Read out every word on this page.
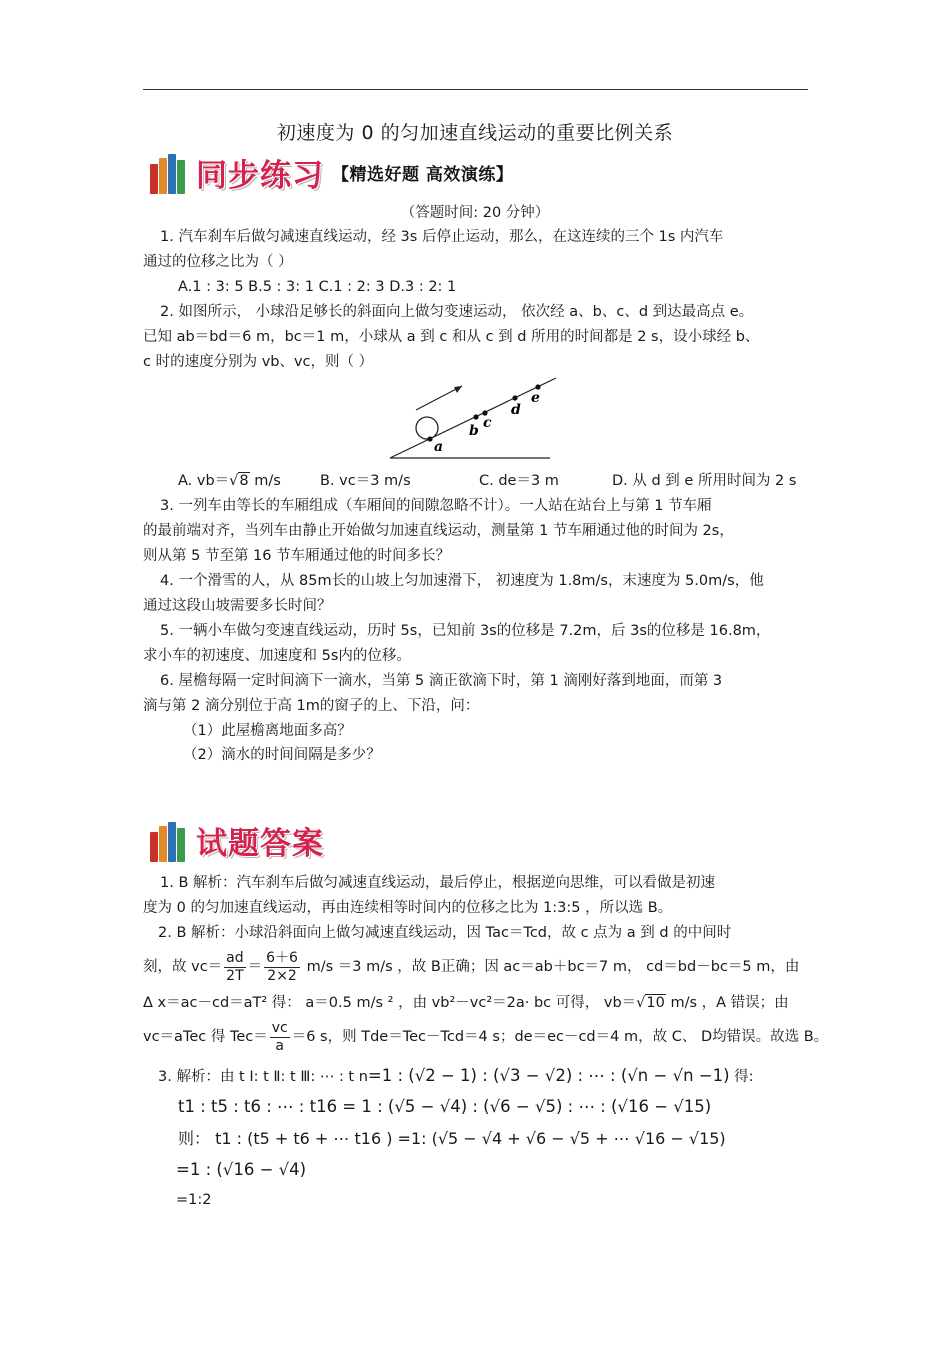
初速度为 0 的匀加速直线运动的重要比例关系
同步练习 【精选好题 高效演练】
（答题时间: 20 分钟）
1. 汽车刹车后做匀减速直线运动，经 3s 后停止运动，那么，在这连续的三个 1s 内汽车
通过的位移之比为（ ）
A.1 : 3: 5 B.5 : 3: 1 C.1 : 2: 3 D.3 : 2: 1
2. 如图所示， 小球沿足够长的斜面向上做匀变速运动， 依次经 a、b、c、d 到达最高点 e。
已知 ab＝bd＝6 m，bc＝1 m，小球从 a 到 c 和从 c 到 d 所用的时间都是 2 s，设小球经 b、
c 时的速度分别为 vb、vc，则（ ）
a
b c
d
e
A. vb＝√8 m/s	B. vc＝3 m/s	C. de＝3 m	D. 从 d 到 e 所用时间为 2 s
3. 一列车由等长的车厢组成（车厢间的间隙忽略不计）。一人站在站台上与第 1 节车厢
的最前端对齐，当列车由静止开始做匀加速直线运动，测量第 1 节车厢通过他的时间为 2s，
则从第 5 节至第 16 节车厢通过他的时间多长？
4. 一个滑雪的人，从 85m长的山坡上匀加速滑下， 初速度为 1.8m/s，末速度为 5.0m/s，他
通过这段山坡需要多长时间？
5. 一辆小车做匀变速直线运动，历时 5s，已知前 3s的位移是 7.2m，后 3s的位移是 16.8m，
求小车的初速度、加速度和 5s内的位移。
6. 屋檐每隔一定时间滴下一滴水，当第 5 滴正欲滴下时，第 1 滴刚好落到地面，而第 3
滴与第 2 滴分别位于高 1m的窗子的上、下沿，问：
（1）此屋檐离地面多高？
（2）滴水的时间间隔是多少？
试题答案
1. B 解析：汽车刹车后做匀减速直线运动，最后停止，根据逆向思维，可以看做是初速
度为 0 的匀加速直线运动，再由连续相等时间内的位移之比为 1:3:5 ，所以选 B。
2. B 解析：小球沿斜面向上做匀减速直线运动，因 Tac＝Tcd，故 c 点为 a 到 d 的中间时
刻，故 $vc= \frac{ad}{2T} = \frac{6+6}{2\times 2} m/s =3$ m/s ，故 B正确；因 ac＝ab＋bc＝7 m， cd＝bd－bc＝5 m，由
Δ x＝ac－cd＝aT² 得： a＝0.5 m/s ² ，由 vb²－vc²＝2a· bc 可得， vb＝√10 m/s ，A 错误；由
vc＝aTec 得 $Tec= \frac{vc}{a} =6$ s，则 Tde＝Tec－Tcd＝4 s；de＝ec－cd＝4 m，故 C、 D均错误。故选 B。
3. 解析：由 t Ⅰ: t Ⅱ: t Ⅲ: ⋯ : t n=1 : (√2 − 1) : (√3 − √2) : ⋯ : (√n − √n −1) 得:
t1 : t5 : t6 : ⋯ : t16 = 1 : (√5 − √4) : (√6 − √5) : ⋯ : (√16 − √15)
则： t1 : (t5 + t6 + ⋯ t16 ) =1: (√5 − √4 + √6 − √5 + ⋯ √16 − √15)
=1 : (√16 − √4)
=1:2
